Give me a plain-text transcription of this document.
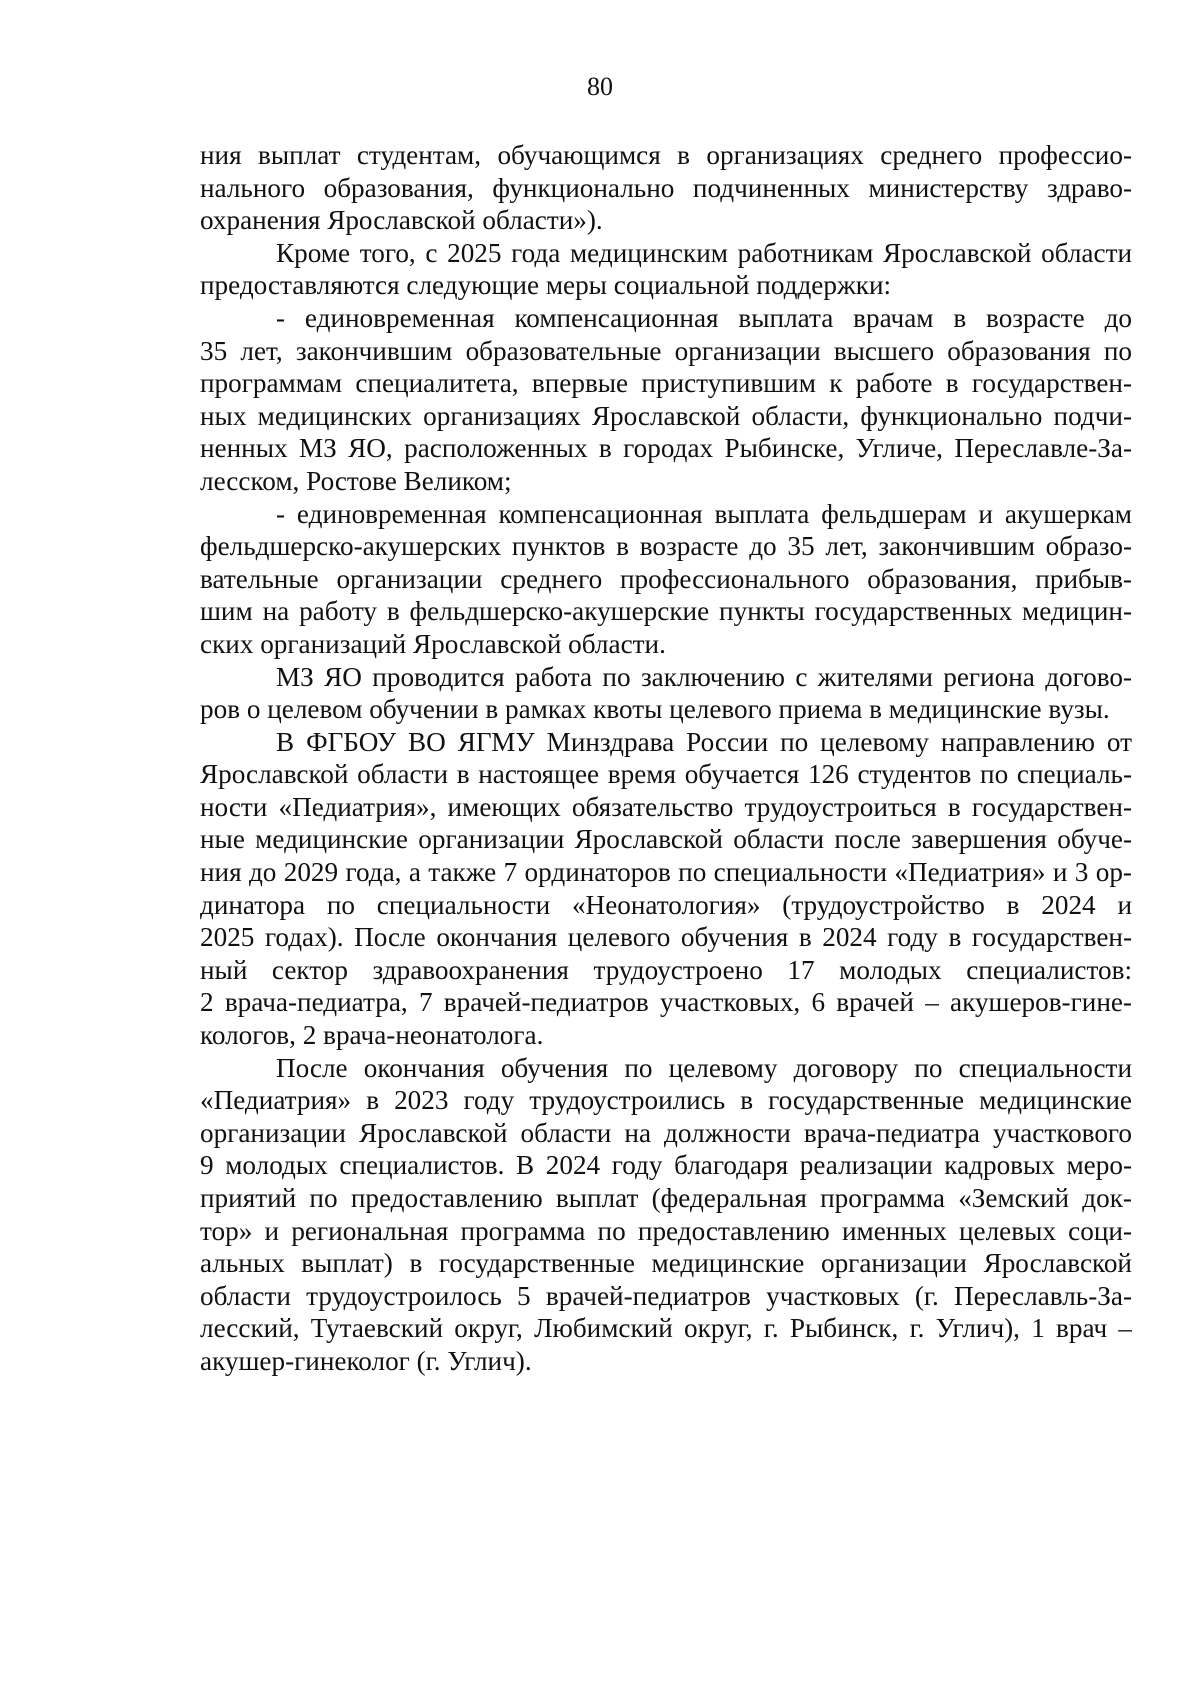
80
ния выплат студентам, обучающимся в организациях среднего профессио-
нального образования, функционально подчиненных министерству здраво-
охранения Ярославской области»).
Кроме того, с 2025 года медицинским работникам Ярославской области
предоставляются следующие меры социальной поддержки:
- единовременная компенсационная выплата врачам в возрасте до
35 лет, закончившим образовательные организации высшего образования по
программам специалитета, впервые приступившим к работе в государствен-
ных медицинских организациях Ярославской области, функционально подчи-
ненных МЗ ЯО, расположенных в городах Рыбинске, Угличе, Переславле-За-
лесском, Ростове Великом;
- единовременная компенсационная выплата фельдшерам и акушеркам
фельдшерско-акушерских пунктов в возрасте до 35 лет, закончившим образо-
вательные организации среднего профессионального образования, прибыв-
шим на работу в фельдшерско-акушерские пункты государственных медицин-
ских организаций Ярославской области.
МЗ ЯО проводится работа по заключению с жителями региона догово-
ров о целевом обучении в рамках квоты целевого приема в медицинские вузы.
В ФГБОУ ВО ЯГМУ Минздрава России по целевому направлению от
Ярославской области в настоящее время обучается 126 студентов по специаль-
ности «Педиатрия», имеющих обязательство трудоустроиться в государствен-
ные медицинские организации Ярославской области после завершения обуче-
ния до 2029 года, а также 7 ординаторов по специальности «Педиатрия» и 3 ор-
динатора по специальности «Неонатология» (трудоустройство в 2024 и
2025 годах). После окончания целевого обучения в 2024 году в государствен-
ный сектор здравоохранения трудоустроено 17 молодых специалистов:
2 врача-педиатра, 7 врачей-педиатров участковых, 6 врачей – акушеров-гине-
кологов, 2 врача-неонатолога.
После окончания обучения по целевому договору по специальности
«Педиатрия» в 2023 году трудоустроились в государственные медицинские
организации Ярославской области на должности врача-педиатра участкового
9 молодых специалистов. В 2024 году благодаря реализации кадровых меро-
приятий по предоставлению выплат (федеральная программа «Земский док-
тор» и региональная программа по предоставлению именных целевых соци-
альных выплат) в государственные медицинские организации Ярославской
области трудоустроилось 5 врачей-педиатров участковых (г. Переславль-За-
лесский, Тутаевский округ, Любимский округ, г. Рыбинск, г. Углич), 1 врач –
акушер-гинеколог (г. Углич).
